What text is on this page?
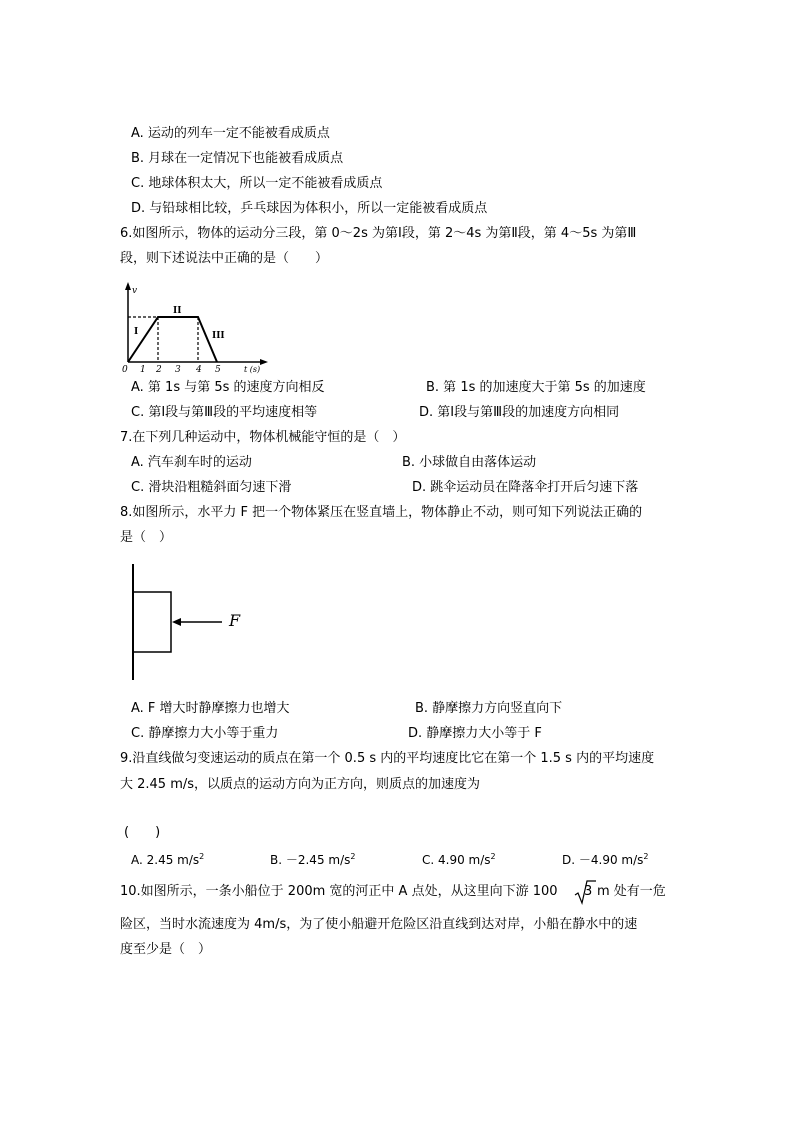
A. 运动的列车一定不能被看成质点
B. 月球在一定情况下也能被看成质点
C. 地球体积太大，所以一定不能被看成质点
D. 与铅球相比较，乒乓球因为体积小，所以一定能被看成质点
6.如图所示，物体的运动分三段，第 0～2s 为第Ⅰ段，第 2～4s 为第Ⅱ段，第 4～5s 为第Ⅲ
段，则下述说法中正确的是（　　）
v
I
II
III
0 1 2 3 4 5	t (s)
A. 第 1s 与第 5s 的速度方向相反	B. 第 1s 的加速度大于第 5s 的加速度
C. 第Ⅰ段与第Ⅲ段的平均速度相等	D. 第Ⅰ段与第Ⅲ段的加速度方向相同
7.在下列几种运动中，物体机械能守恒的是（　）
A. 汽车刹车时的运动	B. 小球做自由落体运动
C. 滑块沿粗糙斜面匀速下滑	D. 跳伞运动员在降落伞打开后匀速下落
8.如图所示，水平力 F 把一个物体紧压在竖直墙上，物体静止不动，则可知下列说法正确的
是（　）
F
A. F 增大时静摩擦力也增大	B. 静摩擦力方向竖直向下
C. 静摩擦力大小等于重力	D. 静摩擦力大小等于 F
9.沿直线做匀变速运动的质点在第一个 0.5 s 内的平均速度比它在第一个 1.5 s 内的平均速度
大 2.45 m/s，以质点的运动方向为正方向，则质点的加速度为
(　　)
A. 2.45 $m/s^2$	B. －2.45 $m/s^2$	C. 4.90 $m/s^2$	D. －4.90 $m/s^2$
10.如图所示，一条小船位于 200m 宽的河正中 A 点处，从这里向下游 100 3 m 处有一危
险区，当时水流速度为 4m/s，为了使小船避开危险区沿直线到达对岸，小船在静水中的速
度至少是（　）
